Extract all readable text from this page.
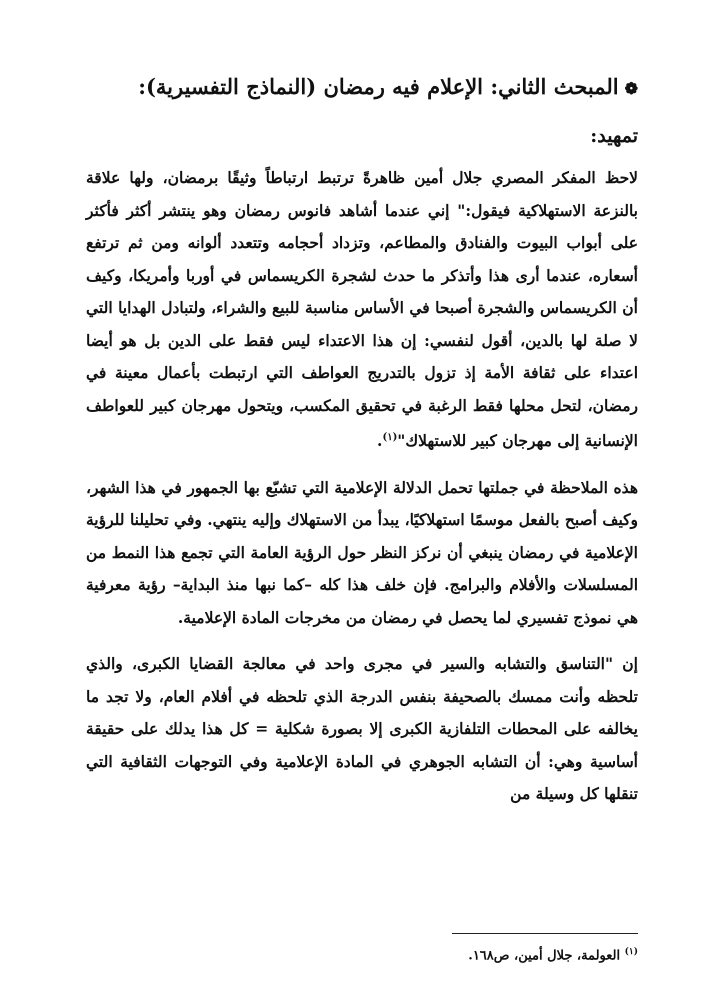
❁المبحث الثاني: الإعلام فيه رمضان (النماذج التفسيرية):
تمهيد:

لاحظ المفكر المصري جلال أمين ظاهرةً ترتبط ارتباطاً وثيقًا برمضان، ولها علاقة بالنزعة الاستهلاكية فيقول:" إني عندما أشاهد فانوس رمضان وهو ينتشر أكثر فأكثر على أبواب البيوت والفنادق والمطاعم، وتزداد أحجامه وتتعدد ألوانه ومن ثم ترتفع أسعاره، عندما أرى هذا وأتذكر ما حدث لشجرة الكريسماس في أوربا وأمريكا، وكيف أن الكريسماس والشجرة أصبحا في الأساس مناسبة للبيع والشراء، ولتبادل الهدايا التي لا صلة لها بالدين، أقول لنفسي: إن هذا الاعتداء ليس فقط على الدين بل هو أيضا اعتداء على ثقافة الأمة إذ تزول بالتدريج العواطف التي ارتبطت بأعمال معينة في رمضان، لتحل محلها فقط الرغبة في تحقيق المكسب، ويتحول مهرجان كبير للعواطف الإنسانية إلى مهرجان كبير للاستهلاك"$^{(١)}$.

هذه الملاحظة في جملتها تحمل الدلالة الإعلامية التي تشبّع بها الجمهور في هذا الشهر، وكيف أصبح بالفعل موسمًا استهلاكيًا، يبدأ من الاستهلاك وإليه ينتهي. وفي تحليلنا للرؤية الإعلامية في رمضان ينبغي أن نركز النظر حول الرؤية العامة التي تجمع هذا النمط من المسلسلات والأفلام والبرامج. فإن خلف هذا كله –كما نبها منذ البداية– رؤية معرفية هي نموذج تفسيري لما يحصل في رمضان من مخرجات المادة الإعلامية.

إن "التناسق والتشابه والسير في مجرى واحد في معالجة القضايا الكبرى، والذي تلحظه وأنت ممسك بالصحيفة بنفس الدرجة الذي تلحظه في أفلام العام، ولا تجد ما يخالفه على المحطات التلفازية الكبرى إلا بصورة شكلية = كل هذا يدلك على حقيقة أساسية وهي: أن التشابه الجوهري في المادة الإعلامية وفي التوجهات الثقافية التي تنقلها كل وسيلة من

$^{(١)}$ العولمة، جلال أمين، ص١٦٨.
